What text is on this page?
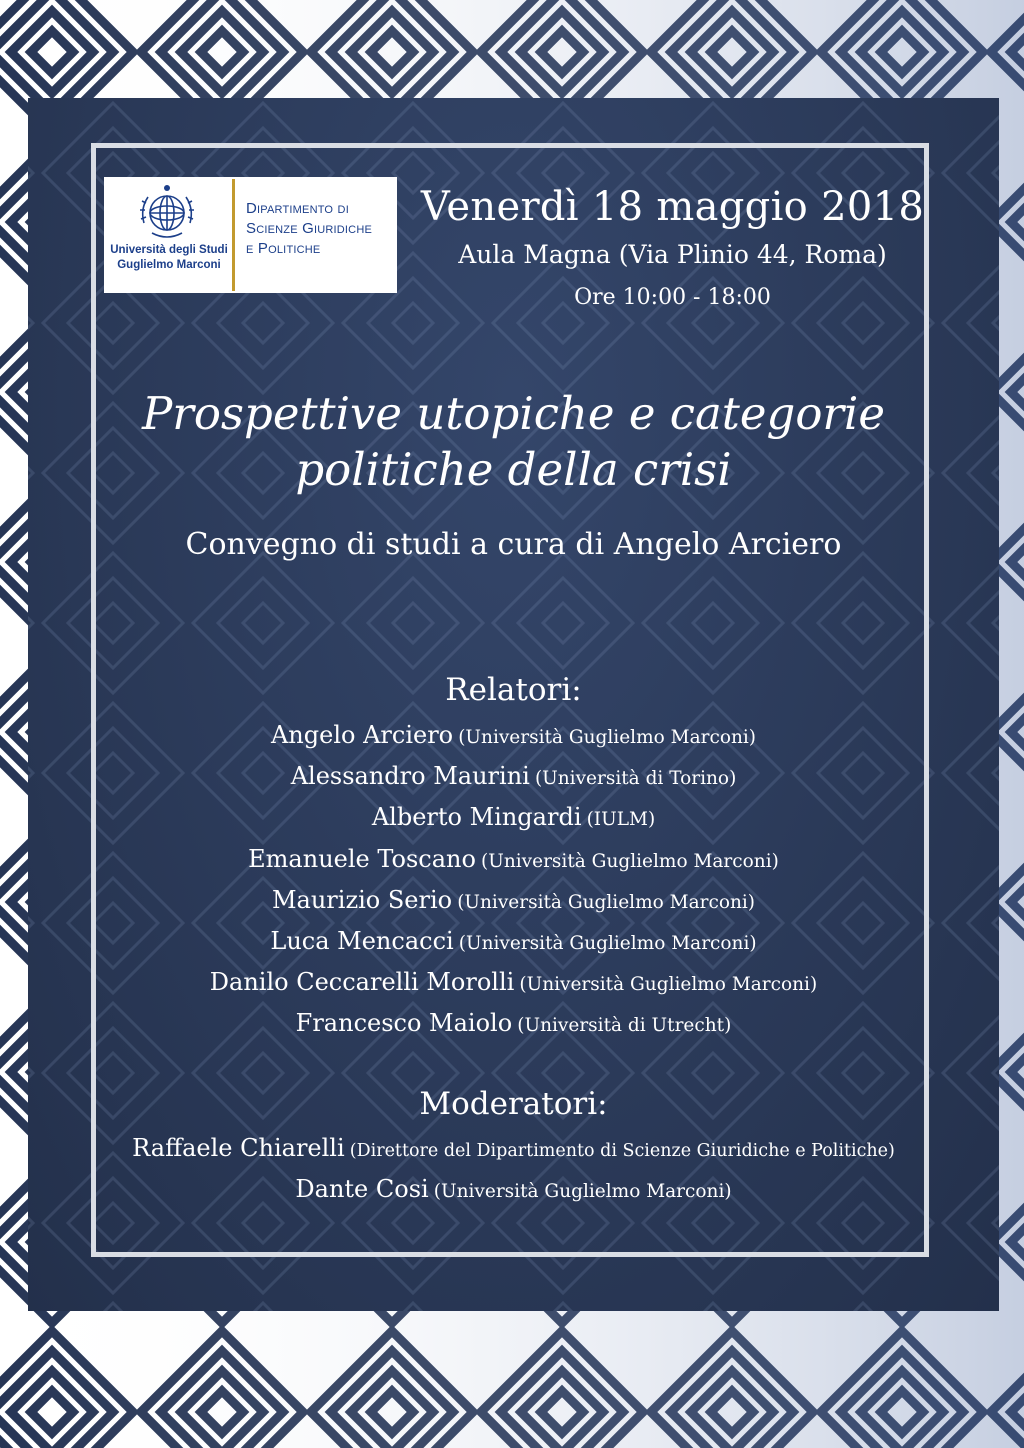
Università degli Studi
Guglielmo Marconi
Dipartimento di
Scienze Giuridiche
e Politiche
Venerdì 18 maggio 2018
Aula Magna (Via Plinio 44, Roma)
Ore 10:00 - 18:00
Prospettive utopiche e categorie
politiche della crisi
Convegno di studi a cura di Angelo Arciero
Relatori:
Angelo Arciero (Università Guglielmo Marconi)
Alessandro Maurini (Università di Torino)
Alberto Mingardi (IULM)
Emanuele Toscano (Università Guglielmo Marconi)
Maurizio Serio (Università Guglielmo Marconi)
Luca Mencacci (Università Guglielmo Marconi)
Danilo Ceccarelli Morolli (Università Guglielmo Marconi)
Francesco Maiolo (Università di Utrecht)
Moderatori:
Raffaele Chiarelli (Direttore del Dipartimento di Scienze Giuridiche e Politiche)
Dante Cosi (Università Guglielmo Marconi)
